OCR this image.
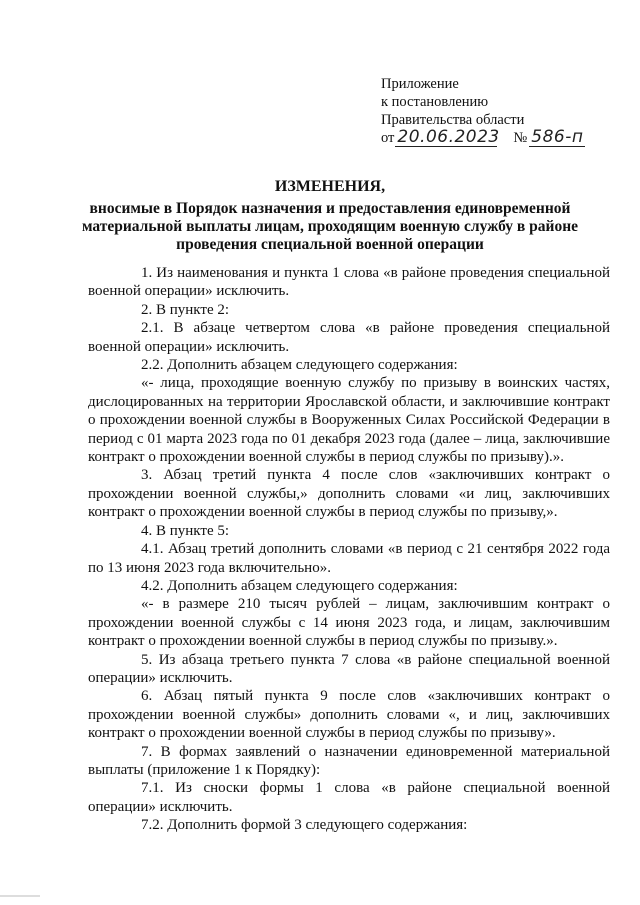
Приложение
к постановлению
Правительства области
от 20.06.2023 № 586-п
ИЗМЕНЕНИЯ,
вносимые в Порядок назначения и предоставления единовременной материальной выплаты лицам, проходящим военную службу в районе проведения специальной военной операции

1. Из наименования и пункта 1 слова «в районе проведения специальной военной операции» исключить.

2. В пункте 2:

2.1. В абзаце четвертом слова «в районе проведения специальной военной операции» исключить.

2.2. Дополнить абзацем следующего содержания:

«- лица, проходящие военную службу по призыву в воинских частях, дислоцированных на территории Ярославской области, и заключившие контракт о прохождении военной службы в Вооруженных Силах Российской Федерации в период с 01 марта 2023 года по 01 декабря 2023 года (далее – лица, заключившие контракт о прохождении военной службы в период службы по призыву).».

3. Абзац третий пункта 4 после слов «заключивших контракт о прохождении военной службы,» дополнить словами «и лиц, заключивших контракт о прохождении военной службы в период службы по призыву,».

4. В пункте 5:

4.1. Абзац третий дополнить словами «в период с 21 сентября 2022 года по 13 июня 2023 года включительно».

4.2. Дополнить абзацем следующего содержания:

«- в размере 210 тысяч рублей – лицам, заключившим контракт о прохождении военной службы с 14 июня 2023 года, и лицам, заключившим контракт о прохождении военной службы в период службы по призыву.».

5. Из абзаца третьего пункта 7 слова «в районе специальной военной операции» исключить.

6. Абзац пятый пункта 9 после слов «заключивших контракт о прохождении военной службы» дополнить словами «, и лиц, заключивших контракт о прохождении военной службы в период службы по призыву».

7. В формах заявлений о назначении единовременной материальной выплаты (приложение 1 к Порядку):

7.1. Из сноски формы 1 слова «в районе специальной военной операции» исключить.

7.2. Дополнить формой 3 следующего содержания:
